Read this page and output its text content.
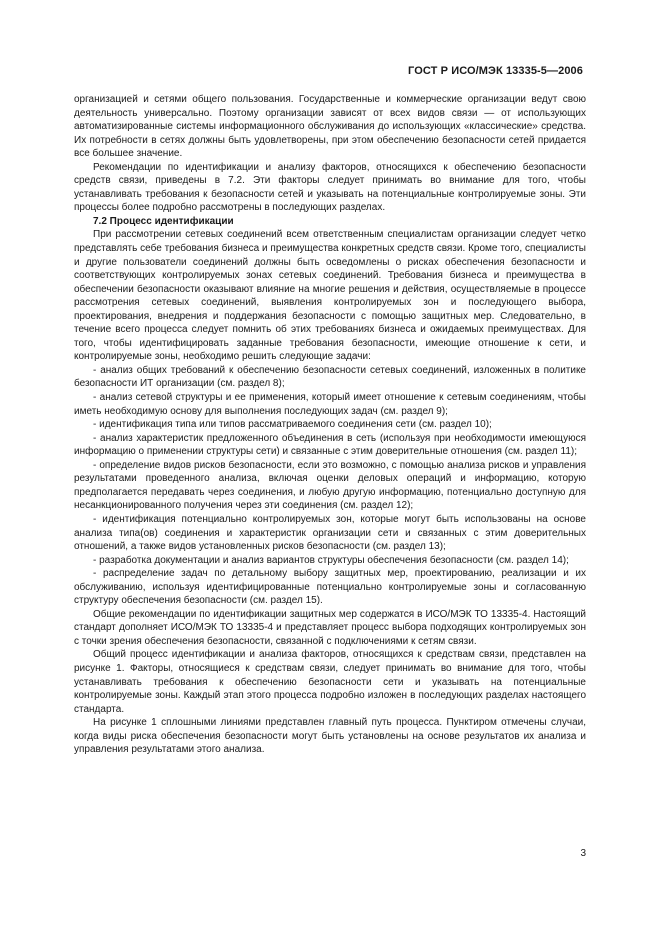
ГОСТ Р ИСО/МЭК 13335-5—2006

организацией и сетями общего пользования. Государственные и коммерческие организации ведут свою деятельность универсально. Поэтому организации зависят от всех видов связи — от использующих автоматизированные системы информационного обслуживания до использующих «классические» средства. Их потребности в сетях должны быть удовлетворены, при этом обеспечению безопасности сетей придается все большее значение.

Рекомендации по идентификации и анализу факторов, относящихся к обеспечению безопасности средств связи, приведены в 7.2. Эти факторы следует принимать во внимание для того, чтобы устанавливать требования к безопасности сетей и указывать на потенциальные контролируемые зоны. Эти процессы более подробно рассмотрены в последующих разделах.

7.2 Процесс идентификации

При рассмотрении сетевых соединений всем ответственным специалистам организации следует четко представлять себе требования бизнеса и преимущества конкретных средств связи. Кроме того, специалисты и другие пользователи соединений должны быть осведомлены о рисках обеспечения безопасности и соответствующих контролируемых зонах сетевых соединений. Требования бизнеса и преимущества в обеспечении безопасности оказывают влияние на многие решения и действия, осуществляемые в процессе рассмотрения сетевых соединений, выявления контролируемых зон и последующего выбора, проектирования, внедрения и поддержания безопасности с помощью защитных мер. Следовательно, в течение всего процесса следует помнить об этих требованиях бизнеса и ожидаемых преимуществах. Для того, чтобы идентифицировать заданные требования безопасности, имеющие отношение к сети, и контролируемые зоны, необходимо решить следующие задачи:

- анализ общих требований к обеспечению безопасности сетевых соединений, изложенных в политике безопасности ИТ организации (см. раздел 8);

- анализ сетевой структуры и ее применения, который имеет отношение к сетевым соединениям, чтобы иметь необходимую основу для выполнения последующих задач (см. раздел 9);

- идентификация типа или типов рассматриваемого соединения сети (см. раздел 10);

- анализ характеристик предложенного объединения в сеть (используя при необходимости имеющуюся информацию о применении структуры сети) и связанные с этим доверительные отношения (см. раздел 11);

- определение видов рисков безопасности, если это возможно, с помощью анализа рисков и управления результатами проведенного анализа, включая оценки деловых операций и информацию, которую предполагается передавать через соединения, и любую другую информацию, потенциально доступную для несанкционированного получения через эти соединения (см. раздел 12);

- идентификация потенциально контролируемых зон, которые могут быть использованы на основе анализа типа(ов) соединения и характеристик организации сети и связанных с этим доверительных отношений, а также видов установленных рисков безопасности (см. раздел 13);

- разработка документации и анализ вариантов структуры обеспечения безопасности (см. раздел 14);

- распределение задач по детальному выбору защитных мер, проектированию, реализации и их обслуживанию, используя идентифицированные потенциально контролируемые зоны и согласованную структуру обеспечения безопасности (см. раздел 15).

Общие рекомендации по идентификации защитных мер содержатся в ИСО/МЭК ТО 13335-4. Настоящий стандарт дополняет ИСО/МЭК ТО 13335-4 и представляет процесс выбора подходящих контролируемых зон с точки зрения обеспечения безопасности, связанной с подключениями к сетям связи.

Общий процесс идентификации и анализа факторов, относящихся к средствам связи, представлен на рисунке 1. Факторы, относящиеся к средствам связи, следует принимать во внимание для того, чтобы устанавливать требования к обеспечению безопасности сети и указывать на потенциальные контролируемые зоны. Каждый этап этого процесса подробно изложен в последующих разделах настоящего стандарта.

На рисунке 1 сплошными линиями представлен главный путь процесса. Пунктиром отмечены случаи, когда виды риска обеспечения безопасности могут быть установлены на основе результатов их анализа и управления результатами этого анализа.

3
